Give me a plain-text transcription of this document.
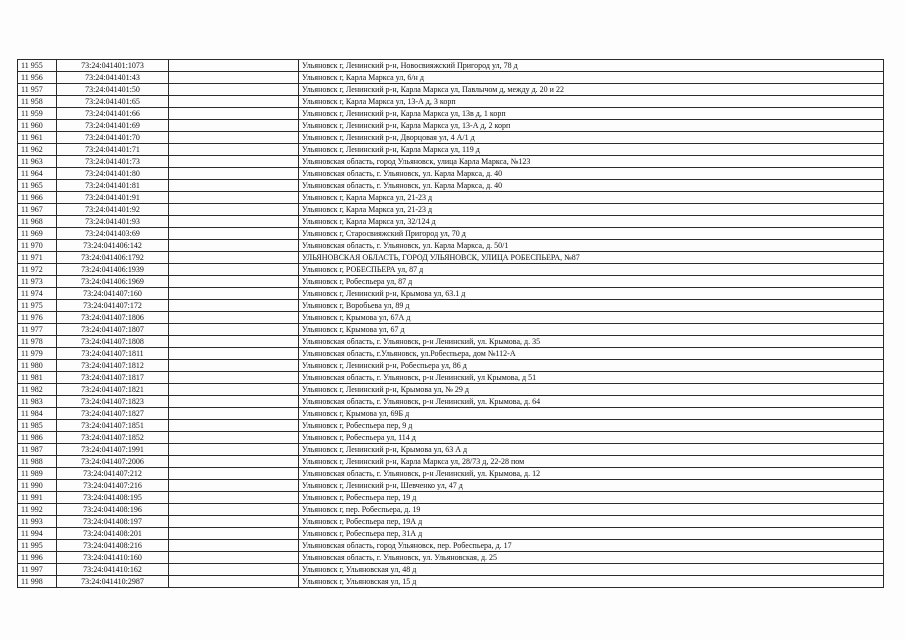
11 955	73:24:041401:1073		Ульяновск г, Ленинский р-н, Новосвияжский Пригород ул, 78 д
11 956	73:24:041401:43		Ульяновск г, Карла Маркса ул, 6/н д
11 957	73:24:041401:50		Ульяновск г, Ленинский р-н, Карла Маркса ул, Павлычом д, между д. 20 и 22
11 958	73:24:041401:65		Ульяновск г, Карла Маркса ул, 13-А д, 3 корп
11 959	73:24:041401:66		Ульяновск г, Ленинский р-н, Карла Маркса ул, 13в д, 1 корп
11 960	73:24:041401:69		Ульяновск г, Ленинский р-н, Карла Маркса ул, 13-А д, 2 корп
11 961	73:24:041401:70		Ульяновск г, Ленинский р-н, Дворцовая ул, 4 А/1 д
11 962	73:24:041401:71		Ульяновск г, Ленинский р-н, Карла Маркса ул, 119 д
11 963	73:24:041401:73		Ульяновская область, город Ульяновск, улица Карла Маркса, №123
11 964	73:24:041401:80		Ульяновская область, г. Ульяновск, ул. Карла Маркса, д. 40
11 965	73:24:041401:81		Ульяновская область, г. Ульяновск, ул. Карла Маркса, д. 40
11 966	73:24:041401:91		Ульяновск г, Карла Маркса ул, 21-23 д
11 967	73:24:041401:92		Ульяновск г, Карла Маркса ул, 21-23 д
11 968	73:24:041401:93		Ульяновск г, Карла Маркса ул, 32/124 д
11 969	73:24:041403:69		Ульяновск г, Старосвияжский Пригород ул, 70 д
11 970	73:24:041406:142		Ульяновская область, г. Ульяновск, ул. Карла Маркса, д. 50/1
11 971	73:24:041406:1792		УЛЬЯНОВСКАЯ ОБЛАСТЬ, ГОРОД УЛЬЯНОВСК, УЛИЦА РОБЕСПЬЕРА, №87
11 972	73:24:041406:1939		Ульяновск г, РОБЕСПЬЕРА ул, 87 д
11 973	73:24:041406:1969		Ульяновск г, Робеспьера ул, 87 д
11 974	73:24:041407:160		Ульяновск г, Ленинский р-н, Крымова ул, 63.1 д
11 975	73:24:041407:172		Ульяновск г, Воробьева ул, 89 д
11 976	73:24:041407:1806		Ульяновск г, Крымова ул, 67А д
11 977	73:24:041407:1807		Ульяновск г, Крымова ул, 67 д
11 978	73:24:041407:1808		Ульяновская область, г. Ульяновск, р-н Ленинский, ул. Крымова, д. 35
11 979	73:24:041407:1811		Ульяновская область, г.Ульяновск, ул.Робеспьера, дом №112-А
11 980	73:24:041407:1812		Ульяновск г, Ленинский р-н, Робеспьера ул, 86 д
11 981	73:24:041407:1817		Ульяновская область, г. Ульяновск, р-н Ленинский, ул Крымова, д 51
11 982	73:24:041407:1821		Ульяновск г, Ленинский р-н, Крымова ул, № 29 д
11 983	73:24:041407:1823		Ульяновская область, г. Ульяновск, р-н Ленинский, ул. Крымова, д. 64
11 984	73:24:041407:1827		Ульяновск г, Крымова ул, 69Б д
11 985	73:24:041407:1851		Ульяновск г, Робеспьера пер, 9 д
11 986	73:24:041407:1852		Ульяновск г, Робеспьера ул, 114 д
11 987	73:24:041407:1991		Ульяновск г, Ленинский р-н, Крымова ул, 63 А д
11 988	73:24:041407:2006		Ульяновск г, Ленинский р-н, Карла Маркса ул, 28/73 д, 22-28 пом
11 989	73:24:041407:212		Ульяновская область, г. Ульяновск, р-н Ленинский, ул. Крымова, д. 12
11 990	73:24:041407:216		Ульяновск г, Ленинский р-н, Шевченко ул, 47 д
11 991	73:24:041408:195		Ульяновск г, Робеспьера пер, 19 д
11 992	73:24:041408:196		Ульяновск г, пер. Робеспьера, д. 19
11 993	73:24:041408:197		Ульяновск г, Робеспьера пер, 19А д
11 994	73:24:041408:201		Ульяновск г, Робеспьера пер, 31А д
11 995	73:24:041408:216		Ульяновская область, город Ульяновск, пер. Робеспьера, д. 17
11 996	73:24:041410:160		Ульяновская область, г. Ульяновск, ул. Ульяновская, д. 25
11 997	73:24:041410:162		Ульяновск г, Ульяновская ул, 48 д
11 998	73:24:041410:2987		Ульяновск г, Ульяновская ул, 15 д
